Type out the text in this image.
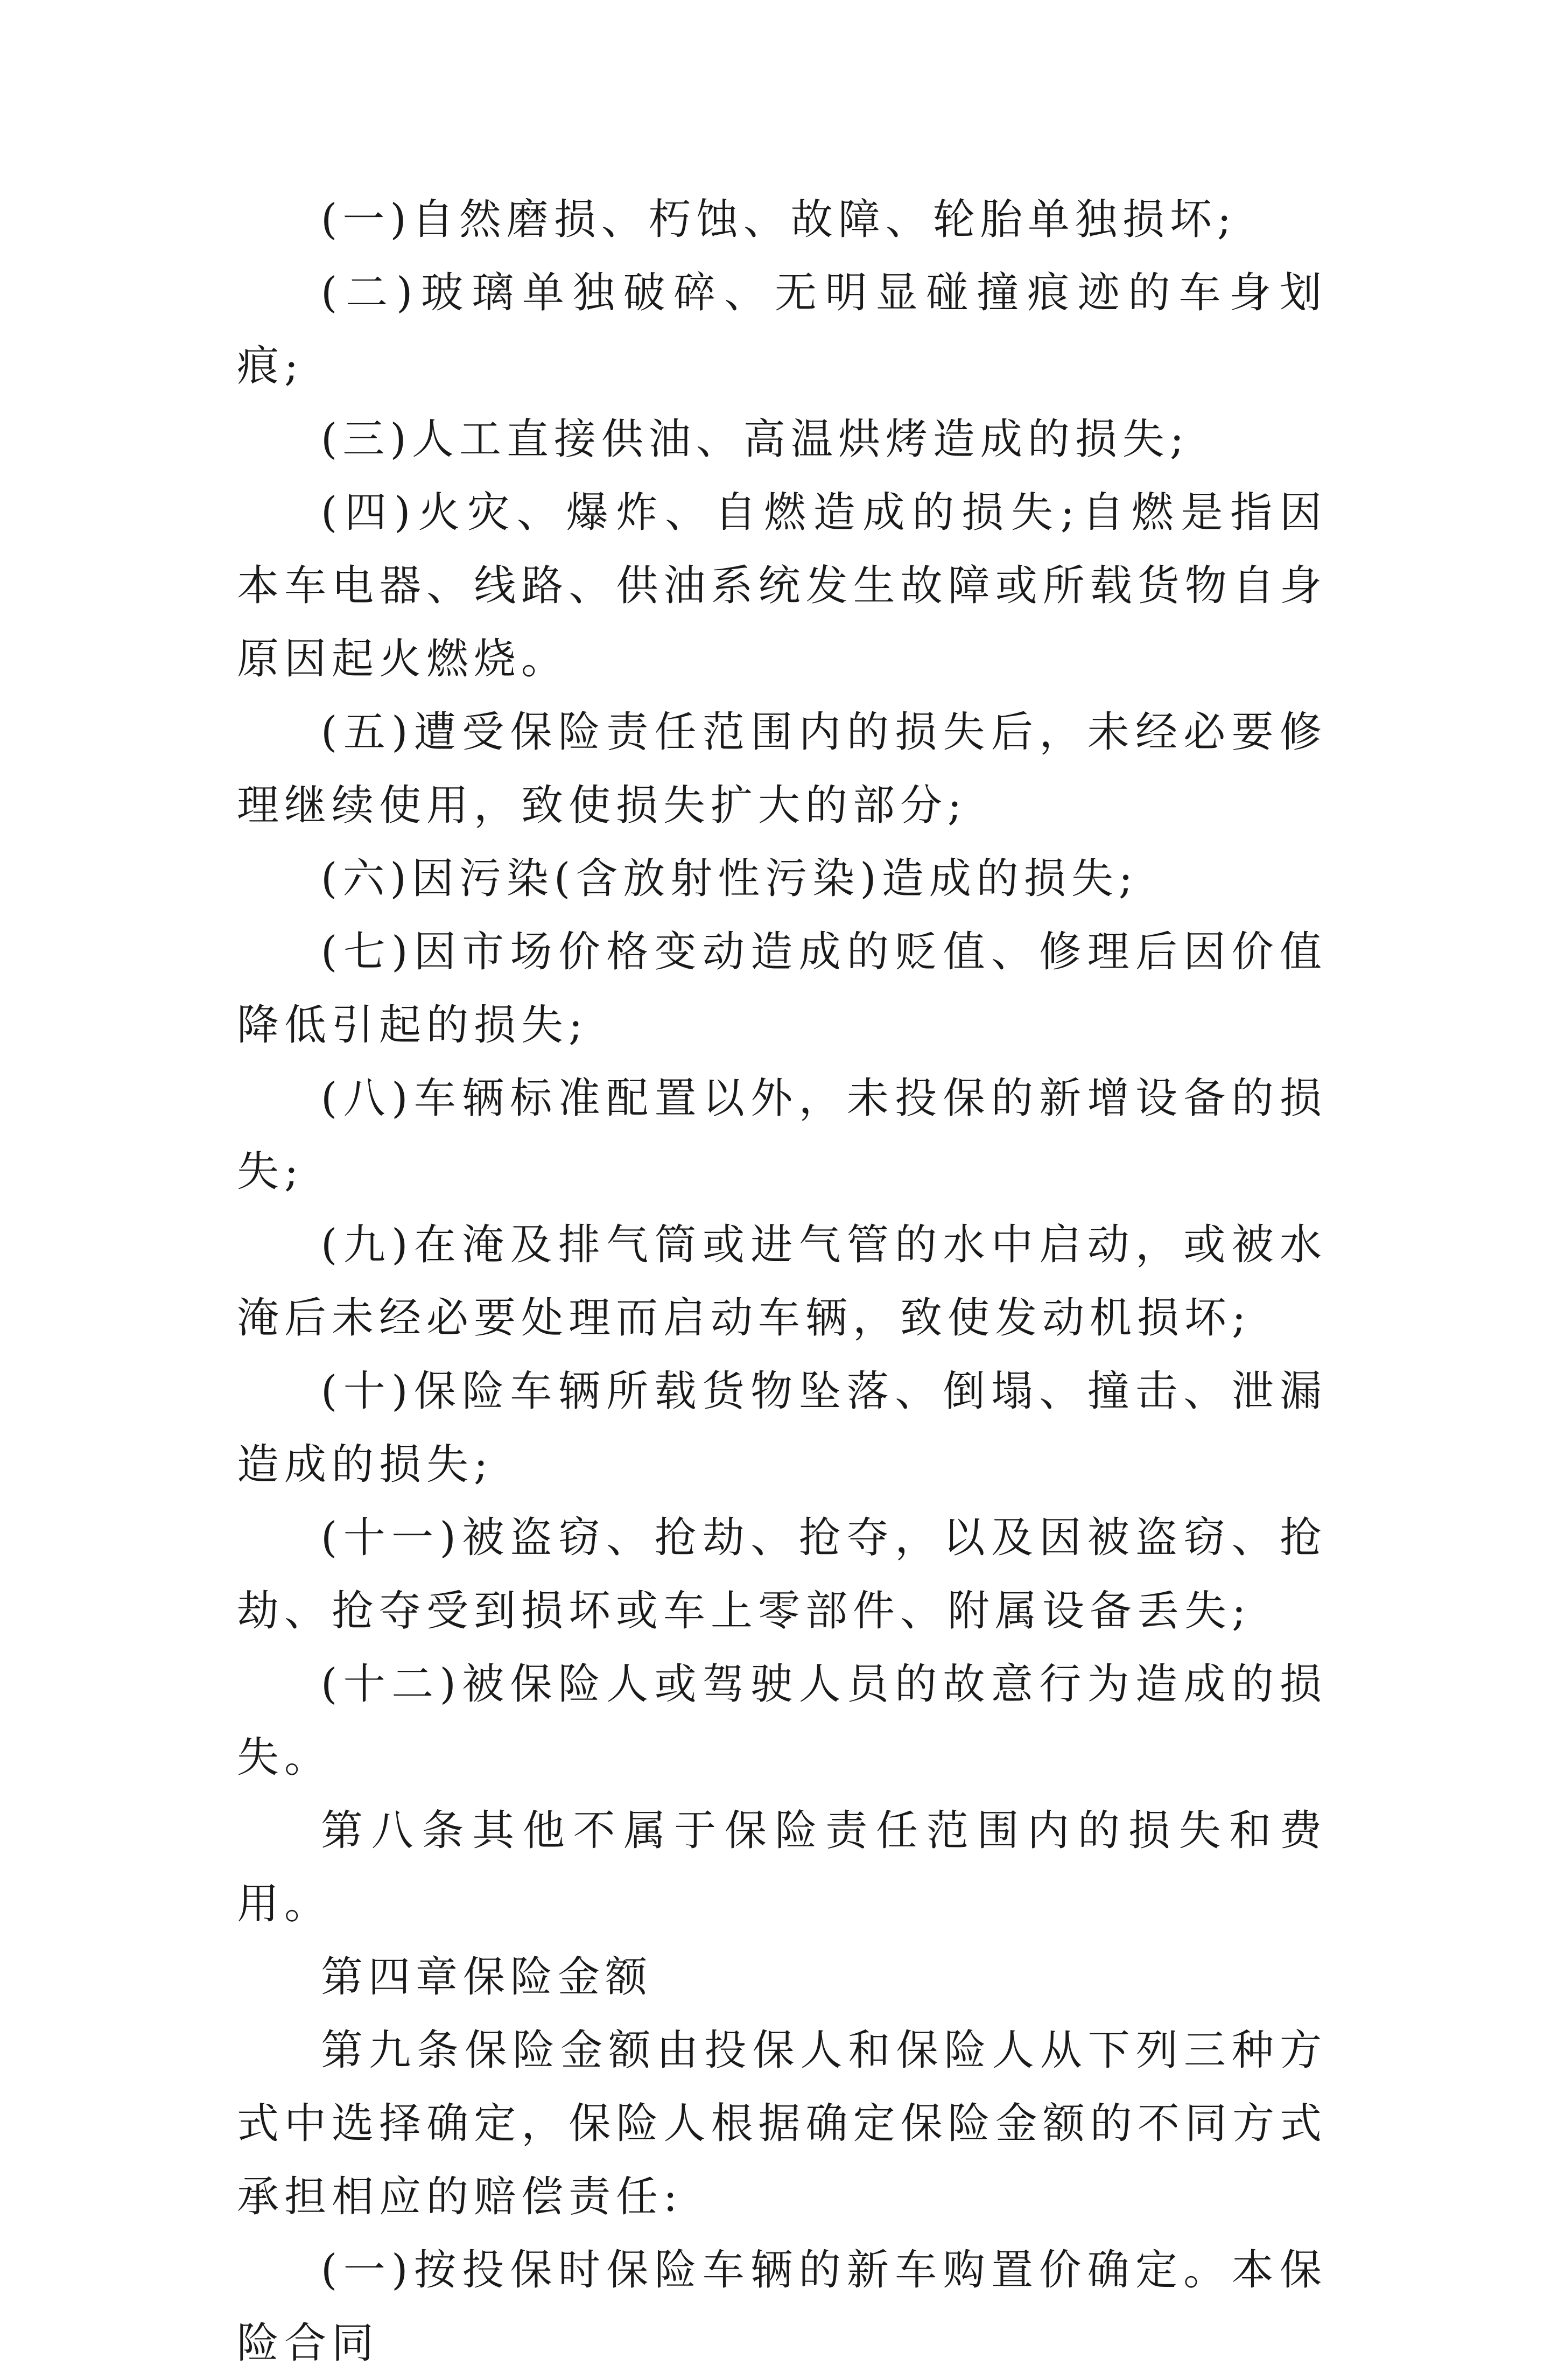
(一)自然磨损、朽蚀、故障、轮胎单独损坏;

(二)玻璃单独破碎、无明显碰撞痕迹的车身划痕;

(三)人工直接供油、高温烘烤造成的损失;

(四)火灾、爆炸、自燃造成的损失;自燃是指因本车电器、线路、供油系统发生故障或所载货物自身原因起火燃烧。

(五)遭受保险责任范围内的损失后，未经必要修理继续使用，致使损失扩大的部分;

(六)因污染(含放射性污染)造成的损失;

(七)因市场价格变动造成的贬值、修理后因价值降低引起的损失;

(八)车辆标准配置以外，未投保的新增设备的损失;

(九)在淹及排气筒或进气管的水中启动，或被水淹后未经必要处理而启动车辆，致使发动机损坏;

(十)保险车辆所载货物坠落、倒塌、撞击、泄漏造成的损失;

(十一)被盗窃、抢劫、抢夺，以及因被盗窃、抢劫、抢夺受到损坏或车上零部件、附属设备丢失;

(十二)被保险人或驾驶人员的故意行为造成的损失。

第八条其他不属于保险责任范围内的损失和费用。

第四章保险金额

第九条保险金额由投保人和保险人从下列三种方式中选择确定，保险人根据确定保险金额的不同方式承担相应的赔偿责任:

(一)按投保时保险车辆的新车购置价确定。本保险合同
